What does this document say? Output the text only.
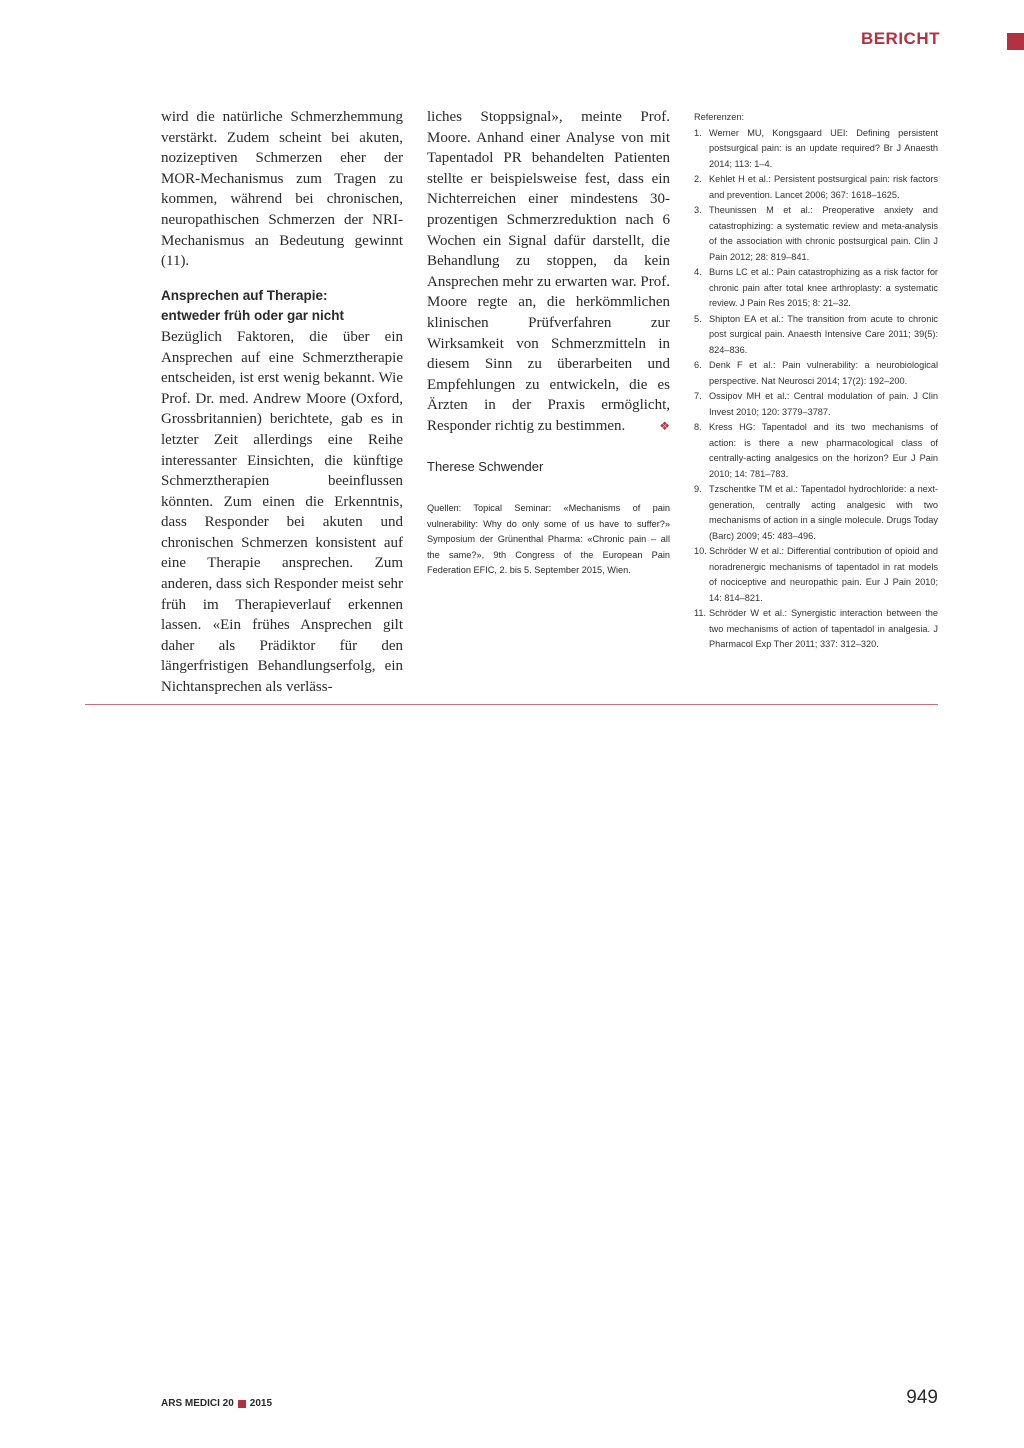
BERICHT

wird die natürliche Schmerzhemmung verstärkt. Zudem scheint bei akuten, nozizeptiven Schmerzen eher der MOR-Mechanismus zum Tragen zu kommen, während bei chronischen, neuropathischen Schmerzen der NRI-Mechanismus an Bedeutung gewinnt (11).

Ansprechen auf Therapie:
entweder früh oder gar nicht

Bezüglich Faktoren, die über ein Ansprechen auf eine Schmerztherapie entscheiden, ist erst wenig bekannt. Wie Prof. Dr. med. Andrew Moore (Oxford, Grossbritannien) berichtete, gab es in letzter Zeit allerdings eine Reihe interessanter Einsichten, die künftige Schmerztherapien beeinflussen könnten. Zum einen die Erkenntnis, dass Responder bei akuten und chronischen Schmerzen konsistent auf eine Therapie ansprechen. Zum anderen, dass sich Responder meist sehr früh im Therapieverlauf erkennen lassen. «Ein frühes Ansprechen gilt daher als Prädiktor für den längerfristigen Behandlungserfolg, ein Nichtansprechen als verläss-

liches Stoppsignal», meinte Prof. Moore. Anhand einer Analyse von mit Tapentadol PR behandelten Patienten stellte er beispielsweise fest, dass ein Nichterreichen einer mindestens 30-prozentigen Schmerzreduktion nach 6 Wochen ein Signal dafür darstellt, die Behandlung zu stoppen, da kein Ansprechen mehr zu erwarten war. Prof. Moore regte an, die herkömmlichen klinischen Prüfverfahren zur Wirksamkeit von Schmerzmitteln in diesem Sinn zu überarbeiten und Empfehlungen zu entwickeln, die es Ärzten in der Praxis ermöglicht, Responder richtig zu bestimmen.	❖

Therese Schwender
Quellen: Topical Seminar: «Mechanisms of pain vulnerability: Why do only some of us have to suffer?» Symposium der Grünenthal Pharma: «Chronic pain – all the same?», 9th Congress of the European Pain Federation EFIC, 2. bis 5. September 2015, Wien.

Referenzen:

1. Werner MU, Kongsgaard UEI: Defining persistent postsurgical pain: is an update required? Br J Anaesth 2014; 113: 1–4.
2. Kehlet H et al.: Persistent postsurgical pain: risk factors and prevention. Lancet 2006; 367: 1618–1625.
3. Theunissen M et al.: Preoperative anxiety and catastrophizing: a systematic review and meta-analysis of the association with chronic postsurgical pain. Clin J Pain 2012; 28: 819–841.
4. Burns LC et al.: Pain catastrophizing as a risk factor for chronic pain after total knee arthroplasty: a systematic review. J Pain Res 2015; 8: 21–32.
5. Shipton EA et al.: The transition from acute to chronic post surgical pain. Anaesth Intensive Care 2011; 39(5): 824–836.
6. Denk F et al.: Pain vulnerability: a neurobiological perspective. Nat Neurosci 2014; 17(2): 192–200.
7. Ossipov MH et al.: Central modulation of pain. J Clin Invest 2010; 120: 3779–3787.
8. Kress HG: Tapentadol and its two mechanisms of action: is there a new pharmacological class of centrally-acting analgesics on the horizon? Eur J Pain 2010; 14: 781–783.
9. Tzschentke TM et al.: Tapentadol hydrochloride: a next-generation, centrally acting analgesic with two mechanisms of action in a single molecule. Drugs Today (Barc) 2009; 45: 483–496.
10. Schröder W et al.: Differential contribution of opioid and noradrenergic mechanisms of tapentadol in rat models of nociceptive and neuropathic pain. Eur J Pain 2010; 14: 814–821.
11. Schröder W et al.: Synergistic interaction between the two mechanisms of action of tapentadol in analgesia. J Pharmacol Exp Ther 2011; 337: 312–320.
ARS MEDICI 20 2015	949
